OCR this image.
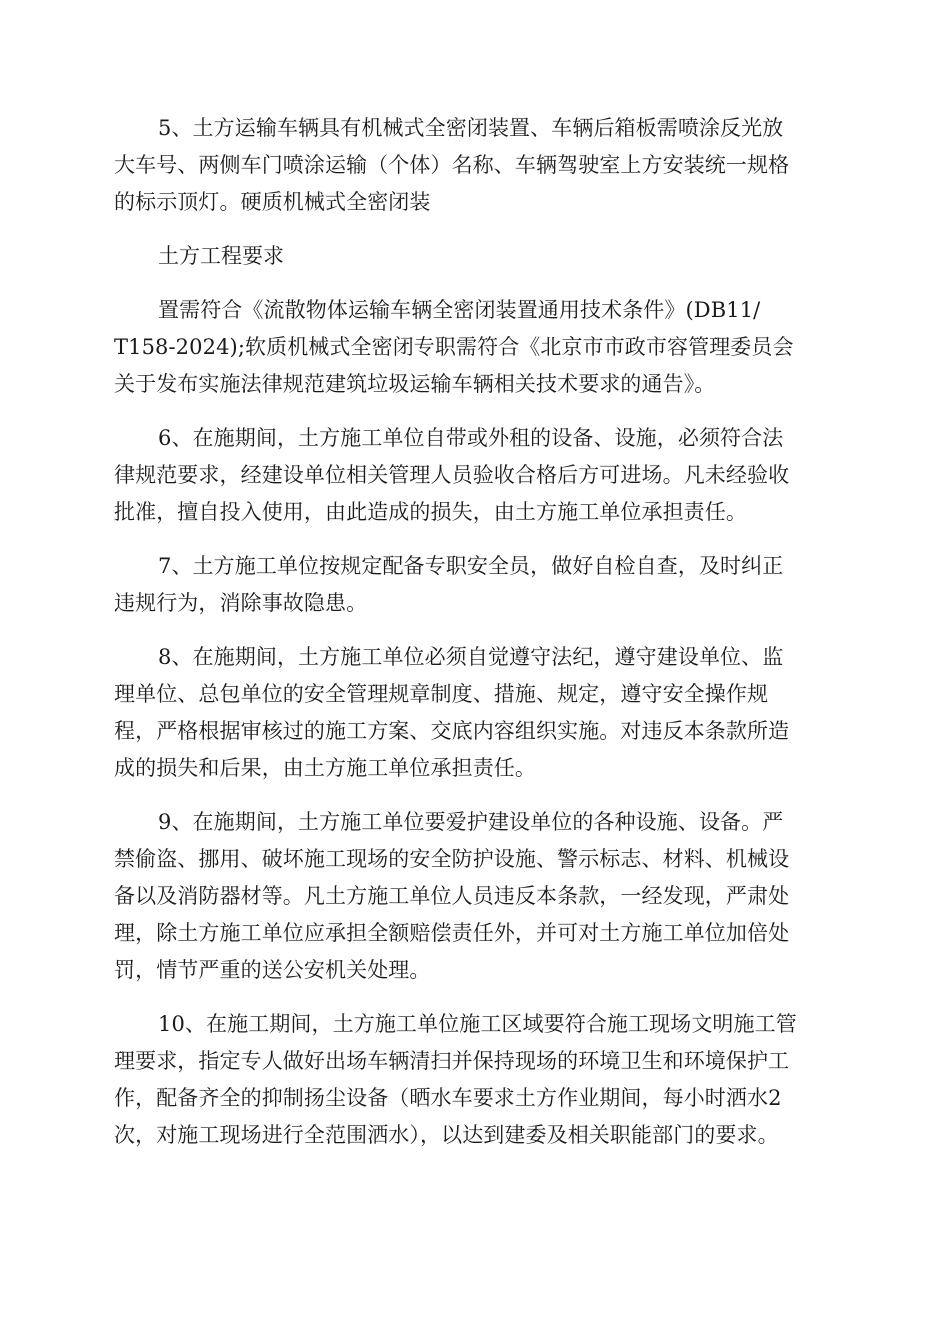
5、土方运输车辆具有机械式全密闭装置、车辆后箱板需喷涂反光放
大车号、两侧车门喷涂运输（个体）名称、车辆驾驶室上方安装统一规格
的标示顶灯。硬质机械式全密闭装

土方工程要求

置需符合《流散物体运输车辆全密闭装置通用技术条件》(DB11/
T158-2024);软质机械式全密闭专职需符合《北京市市政市容管理委员会
关于发布实施法律规范建筑垃圾运输车辆相关技术要求的通告》。

6、在施期间，土方施工单位自带或外租的设备、设施，必须符合法
律规范要求，经建设单位相关管理人员验收合格后方可进场。凡未经验收
批准，擅自投入使用，由此造成的损失，由土方施工单位承担责任。

7、土方施工单位按规定配备专职安全员，做好自检自查，及时纠正
违规行为，消除事故隐患。

8、在施期间，土方施工单位必须自觉遵守法纪，遵守建设单位、监
理单位、总包单位的安全管理规章制度、措施、规定，遵守安全操作规
程，严格根据审核过的施工方案、交底内容组织实施。对违反本条款所造
成的损失和后果，由土方施工单位承担责任。

9、在施期间，土方施工单位要爱护建设单位的各种设施、设备。严
禁偷盗、挪用、破坏施工现场的安全防护设施、警示标志、材料、机械设
备以及消防器材等。凡土方施工单位人员违反本条款，一经发现，严肃处
理，除土方施工单位应承担全额赔偿责任外，并可对土方施工单位加倍处
罚，情节严重的送公安机关处理。

10、在施工期间，土方施工单位施工区域要符合施工现场文明施工管
理要求，指定专人做好出场车辆清扫并保持现场的环境卫生和环境保护工
作，配备齐全的抑制扬尘设备（晒水车要求土方作业期间，每小时洒水2
次，对施工现场进行全范围洒水），以达到建委及相关职能部门的要求。
